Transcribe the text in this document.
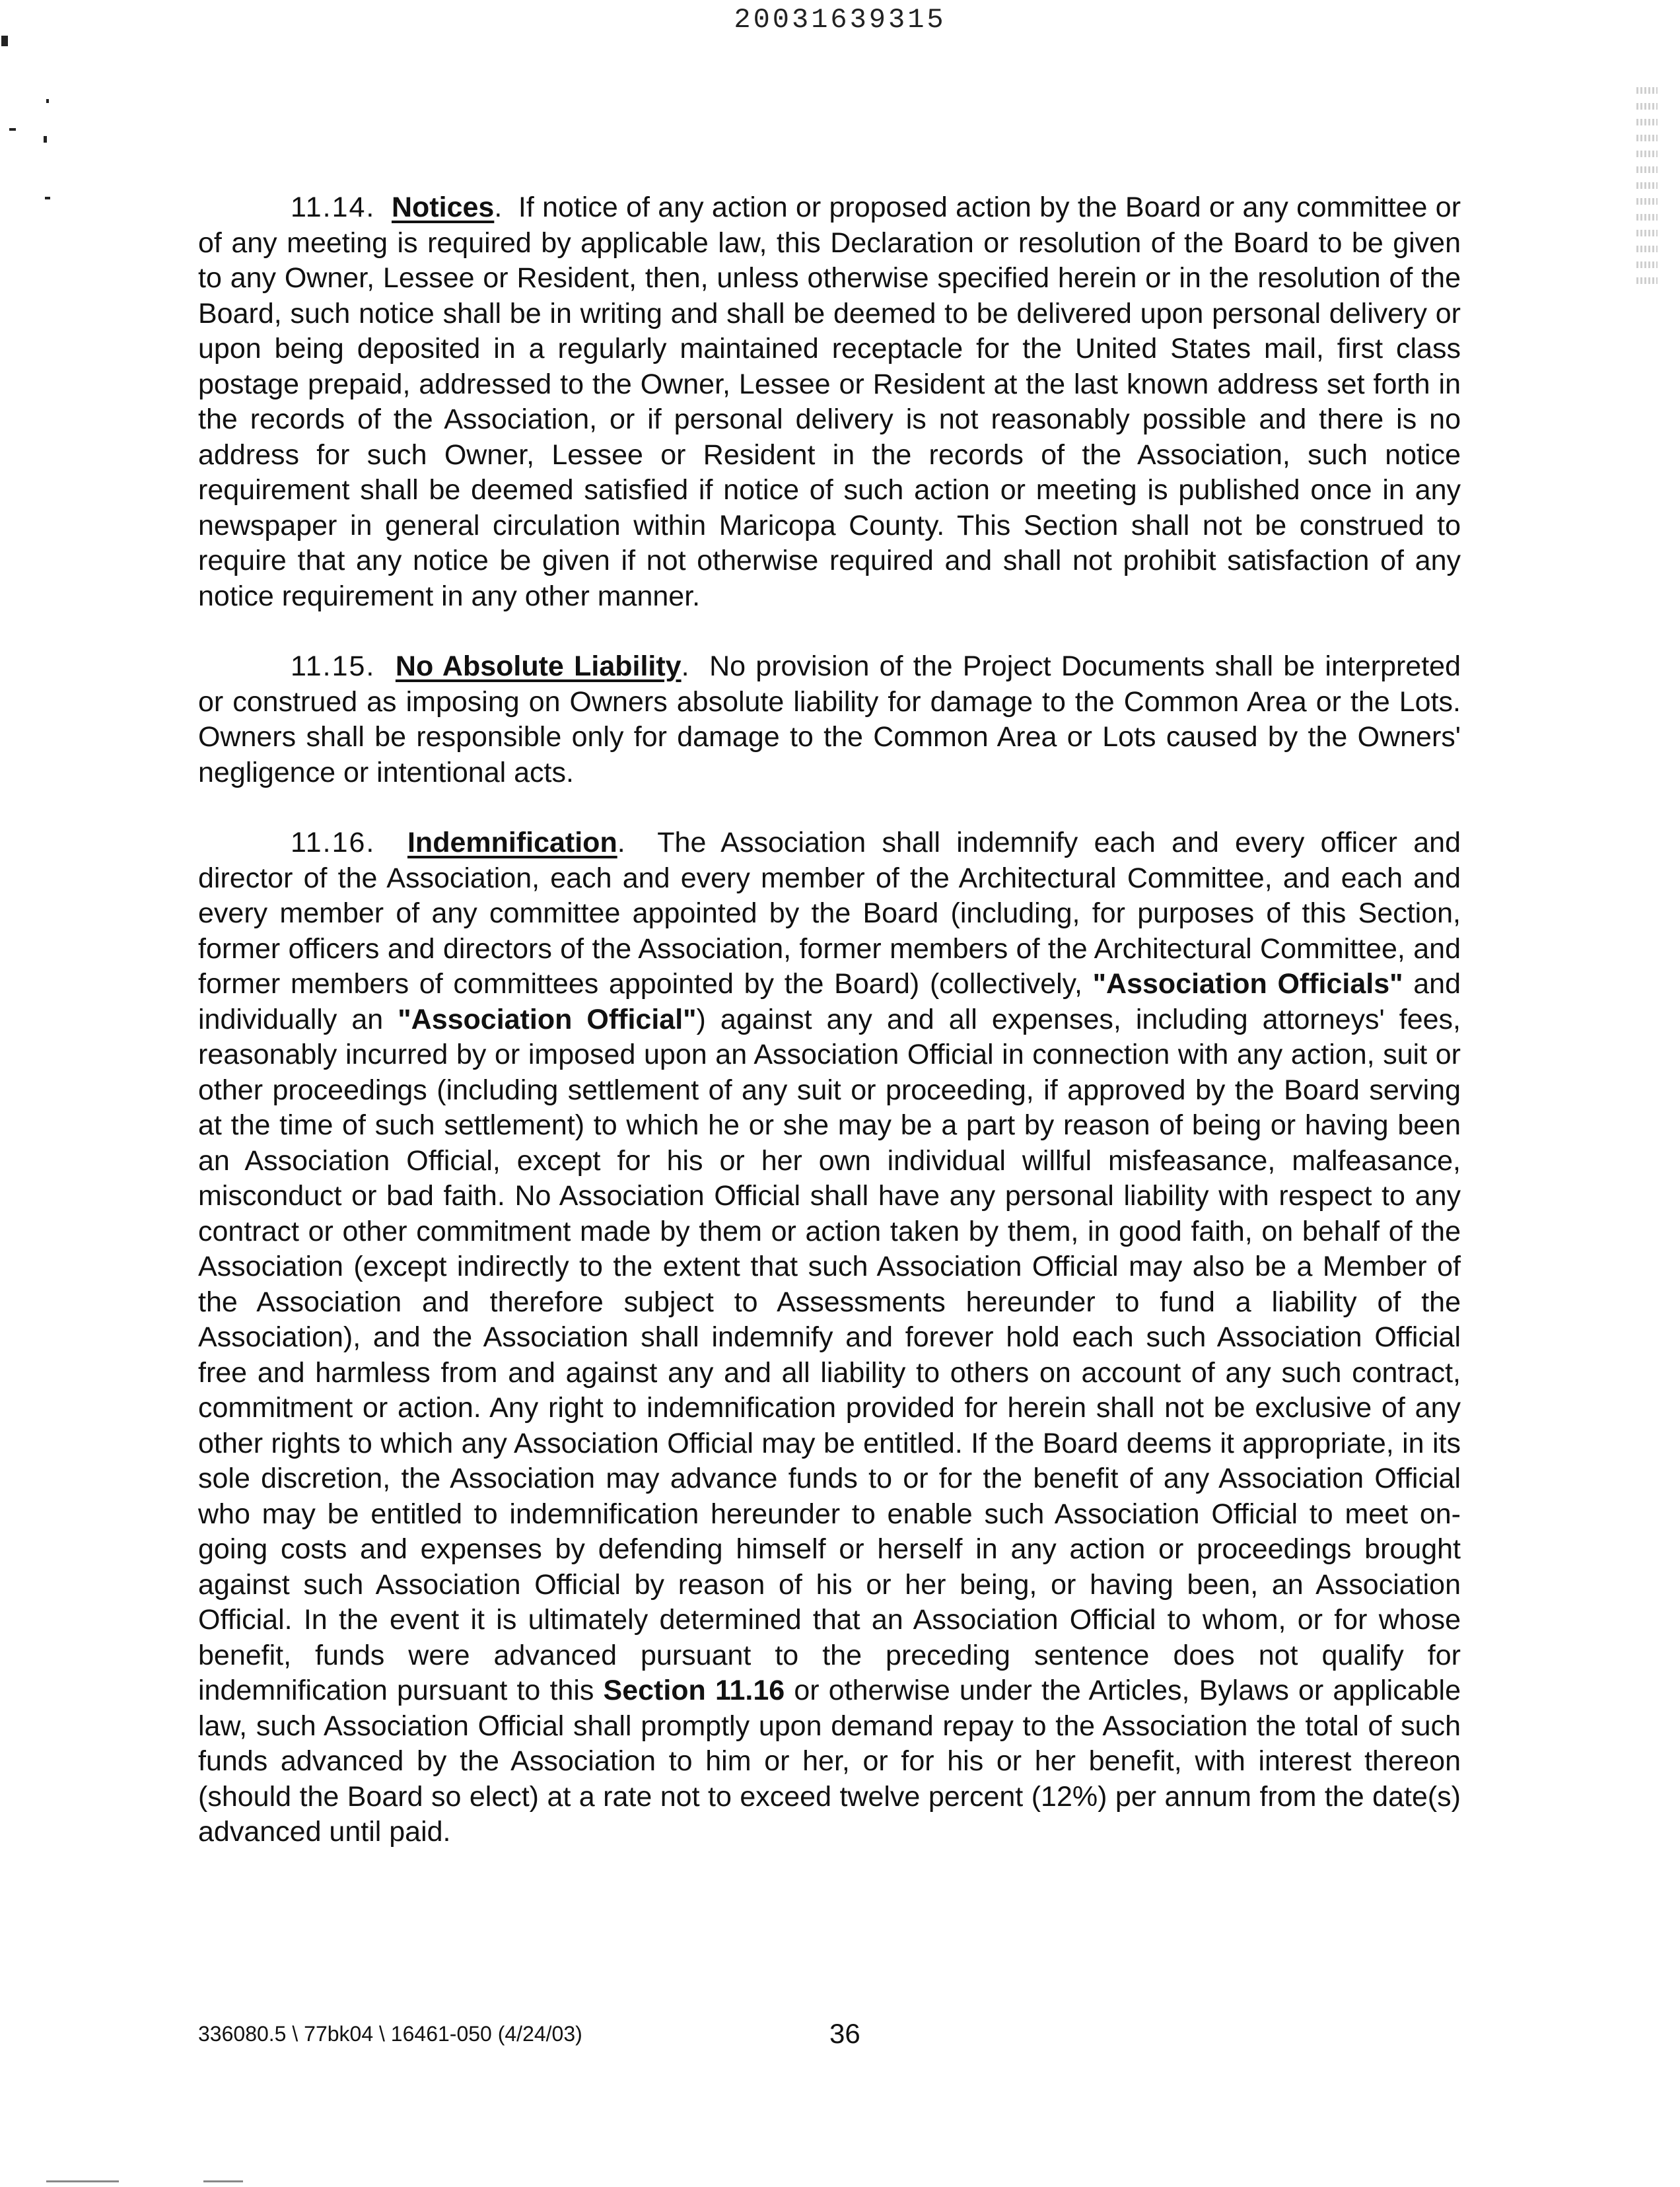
20031639315

11.14. Notices.  If notice of any action or proposed action by the Board or any committee or of any meeting is required by applicable law, this Declaration or resolution of the Board to be given to any Owner, Lessee or Resident, then, unless otherwise specified herein or in the resolution of the Board, such notice shall be in writing and shall be deemed to be delivered upon personal delivery or upon being deposited in a regularly maintained receptacle for the United States mail, first class postage prepaid, addressed to the Owner, Lessee or Resident at the last known address set forth in the records of the Association, or if personal delivery is not reasonably possible and there is no address for such Owner, Lessee or Resident in the records of the Association, such notice requirement shall be deemed satisfied if notice of such action or meeting is published once in any newspaper in general circulation within Maricopa County. This Section shall not be construed to require that any notice be given if not otherwise required and shall not prohibit satisfaction of any notice requirement in any other manner.

11.15. No Absolute Liability.  No provision of the Project Documents shall be interpreted or construed as imposing on Owners absolute liability for damage to the Common Area or the Lots. Owners shall be responsible only for damage to the Common Area or Lots caused by the Owners' negligence or intentional acts.

11.16. Indemnification.  The Association shall indemnify each and every officer and director of the Association, each and every member of the Architectural Committee, and each and every member of any committee appointed by the Board (including, for purposes of this Section, former officers and directors of the Association, former members of the Architectural Committee, and former members of committees appointed by the Board) (collectively, "Association Officials" and individually an "Association Official") against any and all expenses, including attorneys' fees, reasonably incurred by or imposed upon an Association Official in connection with any action, suit or other proceedings (including settlement of any suit or proceeding, if approved by the Board serving at the time of such settlement) to which he or she may be a part by reason of being or having been an Association Official, except for his or her own individual willful misfeasance, malfeasance, misconduct or bad faith. No Association Official shall have any personal liability with respect to any contract or other commitment made by them or action taken by them, in good faith, on behalf of the Association (except indirectly to the extent that such Association Official may also be a Member of the Association and therefore subject to Assessments hereunder to fund a liability of the Association), and the Association shall indemnify and forever hold each such Association Official free and harmless from and against any and all liability to others on account of any such contract, commitment or action. Any right to indemnification provided for herein shall not be exclusive of any other rights to which any Association Official may be entitled. If the Board deems it appropriate, in its sole discretion, the Association may advance funds to or for the benefit of any Association Official who may be entitled to indemnification hereunder to enable such Association Official to meet on-going costs and expenses by defending himself or herself in any action or proceedings brought against such Association Official by reason of his or her being, or having been, an Association Official. In the event it is ultimately determined that an Association Official to whom, or for whose benefit, funds were advanced pursuant to the preceding sentence does not qualify for indemnification pursuant to this Section 11.16 or otherwise under the Articles, Bylaws or applicable law, such Association Official shall promptly upon demand repay to the Association the total of such funds advanced by the Association to him or her, or for his or her benefit, with interest thereon (should the Board so elect) at a rate not to exceed twelve percent (12%) per annum from the date(s) advanced until paid.

336080.5 \ 77bk04 \ 16461-050 (4/24/03)	36
